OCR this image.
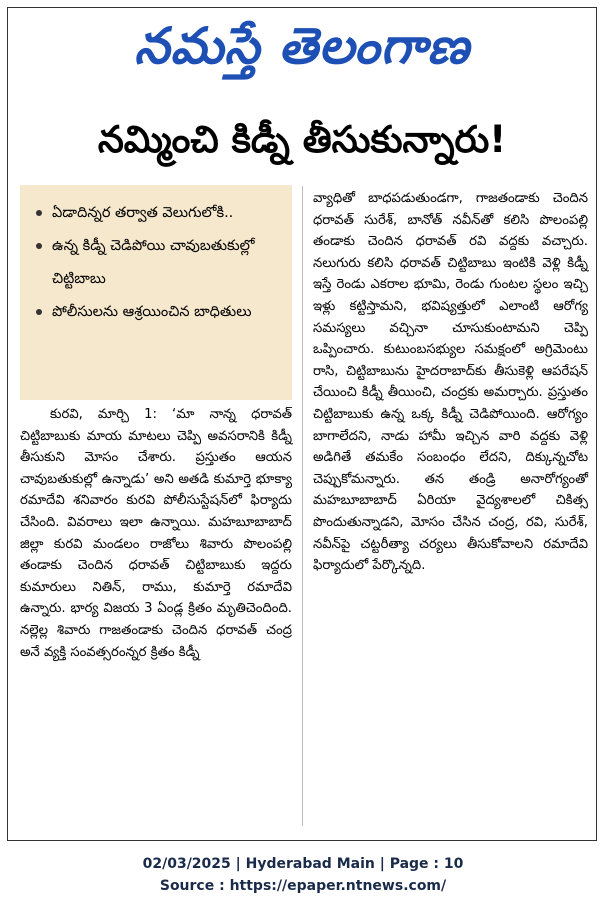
నమస్తే తెలంగాణ
నమ్మించి కిడ్నీ తీసుకున్నారు!
ఏడాదిన్నర తర్వాత వెలుగులోకి..
ఉన్న కిడ్నీ చెడిపోయి చావుబతుకుల్లో చిట్టిబాబు
పోలీసులను ఆశ్రయించిన బాధితులు

కురవి, మార్చి 1: ‘మా నాన్న ధరావత్ చిట్టిబాబుకు మాయ మాటలు చెప్పి అవసరానికి కిడ్నీ తీసుకుని మోసం చేశారు. ప్రస్తుతం ఆయన చావుబతుకుల్లో ఉన్నాడు’ అని అతడి కుమార్తె భూక్యా రమాదేవి శనివారం కురవి పోలీసుస్టేషన్‌లో ఫిర్యాదు చేసింది. వివరాలు ఇలా ఉన్నాయి. మహబూబాబాద్ జిల్లా కురవి మండలం రాజోలు శివారు పొలంపల్లి తండాకు చెందిన ధరావత్ చిట్టిబాబుకు ఇద్దరు కుమారులు నితిన్, రాము, కుమార్తె రమాదేవి ఉన్నారు. భార్య విజయ 3 ఏండ్ల క్రితం మృతిచెందింది. నల్లెల్ల శివారు గాజతండాకు చెందిన ధరావత్ చంద్ర అనే వ్యక్తి సంవత్సరంన్నర క్రితం కిడ్నీ

వ్యాధితో బాధపడుతుండగా, గాజతండాకు చెందిన ధరావత్ సురేశ్, బానోత్ నవీన్‌తో కలిసి పొలంపల్లి తండాకు చెందిన ధరావత్ రవి వద్దకు వచ్చారు. నలుగురు కలిసి ధరావత్ చిట్టిబాబు ఇంటికి వెళ్లి కిడ్నీ ఇస్తే రెండు ఎకరాల భూమి, రెండు గుంటల స్థలం ఇచ్చి ఇళ్లు కట్టిస్తామని, భవిష్యత్తులో ఎలాంటి ఆరోగ్య సమస్యలు వచ్చినా చూసుకుంటామని చెప్పి ఒప్పించారు. కుటుంబసభ్యుల సమక్షంలో అగ్రిమెంటు రాసి, చిట్టిబాబును హైదరాబాద్‌కు తీసుకెళ్లి ఆపరేషన్ చేయించి కిడ్నీ తీయించి, చంద్రకు అమర్చారు. ప్రస్తుతం చిట్టిబాబుకు ఉన్న ఒక్క కిడ్నీ చెడిపోయింది. ఆరోగ్యం బాగాలేదని, నాడు హామీ ఇచ్చిన వారి వద్దకు వెళ్లి అడిగితే తమకేం సంబంధం లేదని, దిక్కున్నచోట చెప్పుకోమన్నారు. తన తండ్రి అనారోగ్యంతో మహబూబాబాద్ ఏరియా వైద్యశాలలో చికిత్స పొందుతున్నాడని, మోసం చేసిన చంద్ర, రవి, సురేశ్, నవీన్‌పై చట్టరీత్యా చర్యలు తీసుకోవాలని రమాదేవి ఫిర్యాదులో పేర్కొన్నది.

02/03/2025 | Hyderabad Main | Page : 10
Source : https://epaper.ntnews.com/
